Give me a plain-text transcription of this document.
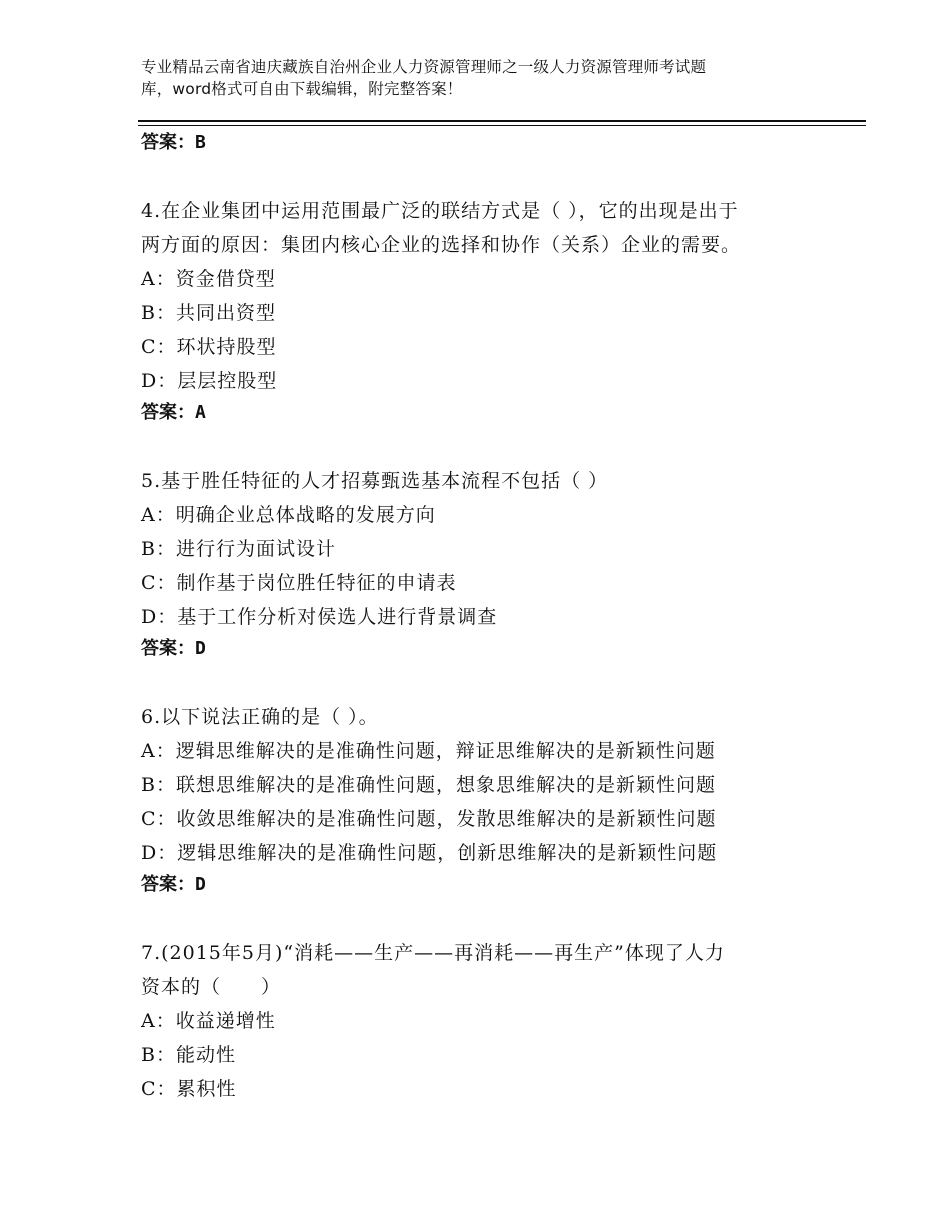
专业精品云南省迪庆藏族自治州企业人力资源管理师之一级人力资源管理师考试题
库，word格式可自由下载编辑，附完整答案！
答案：B
4.在企业集团中运用范围最广泛的联结方式是（ ），它的出现是出于
两方面的原因：集团内核心企业的选择和协作（关系）企业的需要。
A：资金借贷型
B：共同出资型
C：环状持股型
D：层层控股型
答案：A
5.基于胜任特征的人才招募甄选基本流程不包括（ ）
A：明确企业总体战略的发展方向
B：进行行为面试设计
C：制作基于岗位胜任特征的申请表
D：基于工作分析对侯选人进行背景调查
答案：D
6.以下说法正确的是（ ）。
A：逻辑思维解决的是准确性问题，辩证思维解决的是新颖性问题
B：联想思维解决的是准确性问题，想象思维解决的是新颖性问题
C：收敛思维解决的是准确性问题，发散思维解决的是新颖性问题
D：逻辑思维解决的是准确性问题，创新思维解决的是新颖性问题
答案：D
7.(2015年5月)“消耗——生产——再消耗——再生产”体现了人力
资本的（　　）
A：收益递增性
B：能动性
C：累积性
